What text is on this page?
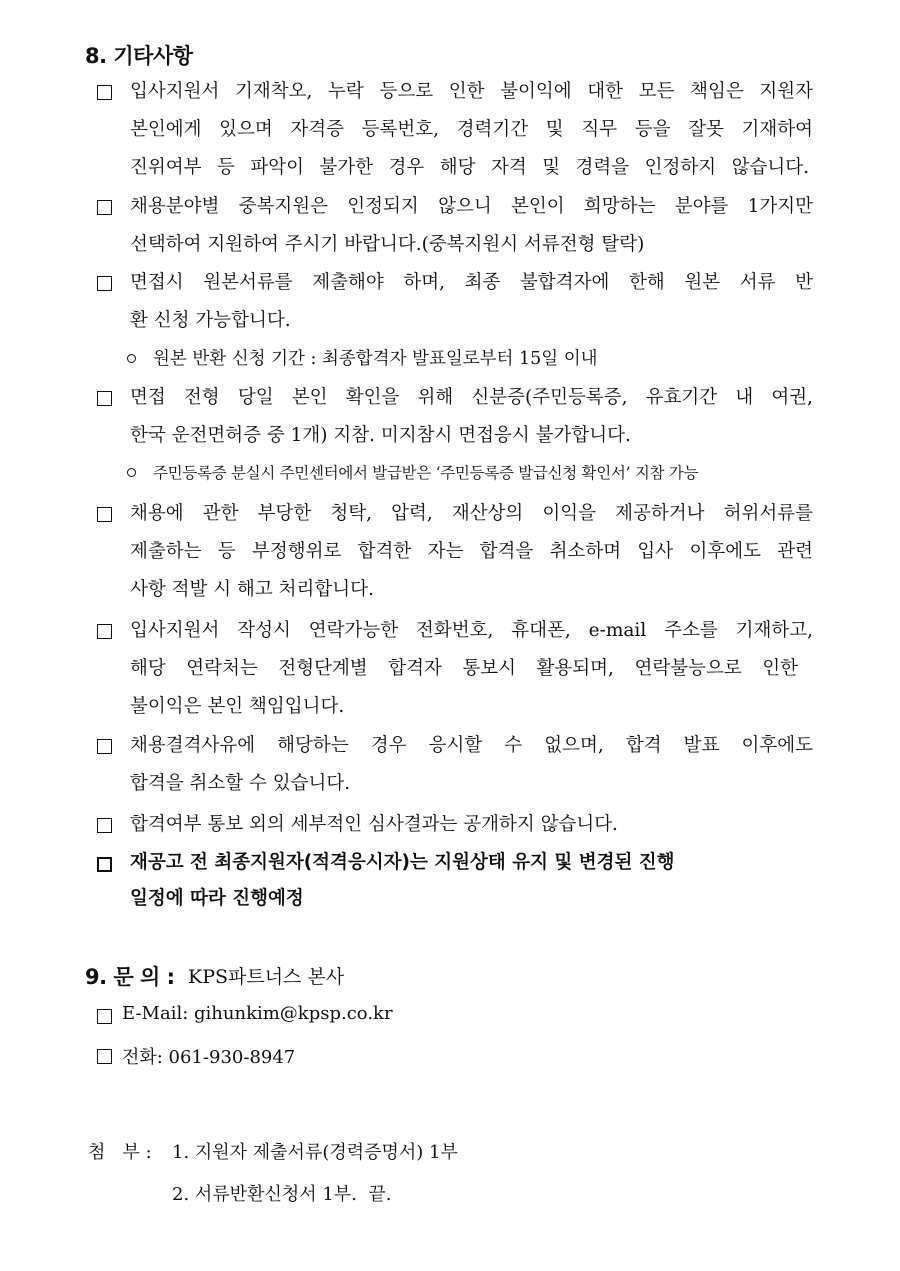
8. 기타사항
입사지원서 기재착오, 누락 등으로 인한 불이익에 대한 모든 책임은 지원자
본인에게 있으며 자격증 등록번호, 경력기간 및 직무 등을 잘못 기재하여
진위여부 등 파악이 불가한 경우 해당 자격 및 경력을 인정하지 않습니다.
채용분야별 중복지원은 인정되지 않으니 본인이 희망하는 분야를 1가지만
선택하여 지원하여 주시기 바랍니다.(중복지원시 서류전형 탈락)
면접시 원본서류를 제출해야 하며, 최종 불합격자에 한해 원본 서류 반
환 신청 가능합니다.
원본 반환 신청 기간 : 최종합격자 발표일로부터 15일 이내
면접 전형 당일 본인 확인을 위해 신분증(주민등록증, 유효기간 내 여권,
한국 운전면허증 중 1개) 지참. 미지참시 면접응시 불가합니다.
주민등록증 분실시 주민센터에서 발급받은 ‘주민등록증 발급신청 확인서’ 지참 가능
채용에 관한 부당한 청탁, 압력, 재산상의 이익을 제공하거나 허위서류를
제출하는 등 부정행위로 합격한 자는 합격을 취소하며 입사 이후에도 관련
사항 적발 시 해고 처리합니다.
입사지원서 작성시 연락가능한 전화번호, 휴대폰, e-mail 주소를 기재하고,
해당 연락처는 전형단계별 합격자 통보시 활용되며, 연락불능으로 인한
불이익은 본인 책임입니다.
채용결격사유에 해당하는 경우 응시할 수 없으며, 합격 발표 이후에도
합격을 취소할 수 있습니다.
합격여부 통보 외의 세부적인 심사결과는 공개하지 않습니다.
재공고 전 최종지원자(적격응시자)는 지원상태 유지 및 변경된 진행
일정에 따라 진행예정
9. 문 의 : KPS파트너스 본사
E-Mail: gihunkim@kpsp.co.kr
전화: 061-930-8947
첨   부 : 1. 지원자 제출서류(경력증명서) 1부
2. 서류반환신청서 1부.  끝.
